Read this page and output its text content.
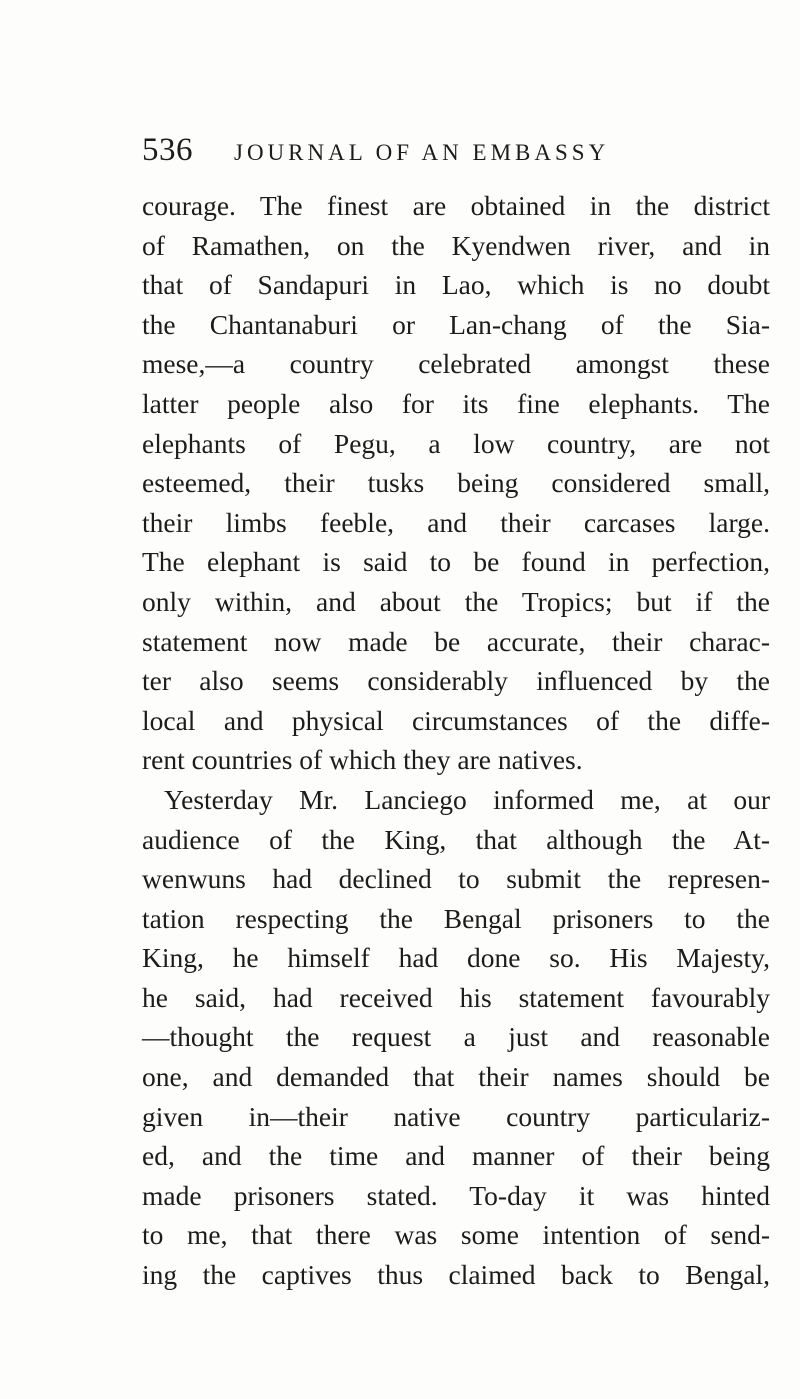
536	JOURNAL OF AN EMBASSY
courage. The finest are obtained in the district
of Ramathen, on the Kyendwen river, and in
that of Sandapuri in Lao, which is no doubt
the Chantanaburi or Lan-chang of the Sia-
mese,—a country celebrated amongst these
latter people also for its fine elephants. The
elephants of Pegu, a low country, are not
esteemed, their tusks being considered small,
their limbs feeble, and their carcases large.
The elephant is said to be found in perfection,
only within, and about the Tropics; but if the
statement now made be accurate, their charac-
ter also seems considerably influenced by the
local and physical circumstances of the diffe-
rent countries of which they are natives.
Yesterday Mr. Lanciego informed me, at our
audience of the King, that although the At-
wenwuns had declined to submit the represen-
tation respecting the Bengal prisoners to the
King, he himself had done so. His Majesty,
he said, had received his statement favourably
—thought the request a just and reasonable
one, and demanded that their names should be
given in—their native country particulariz-
ed, and the time and manner of their being
made prisoners stated. To-day it was hinted
to me, that there was some intention of send-
ing the captives thus claimed back to Bengal,
